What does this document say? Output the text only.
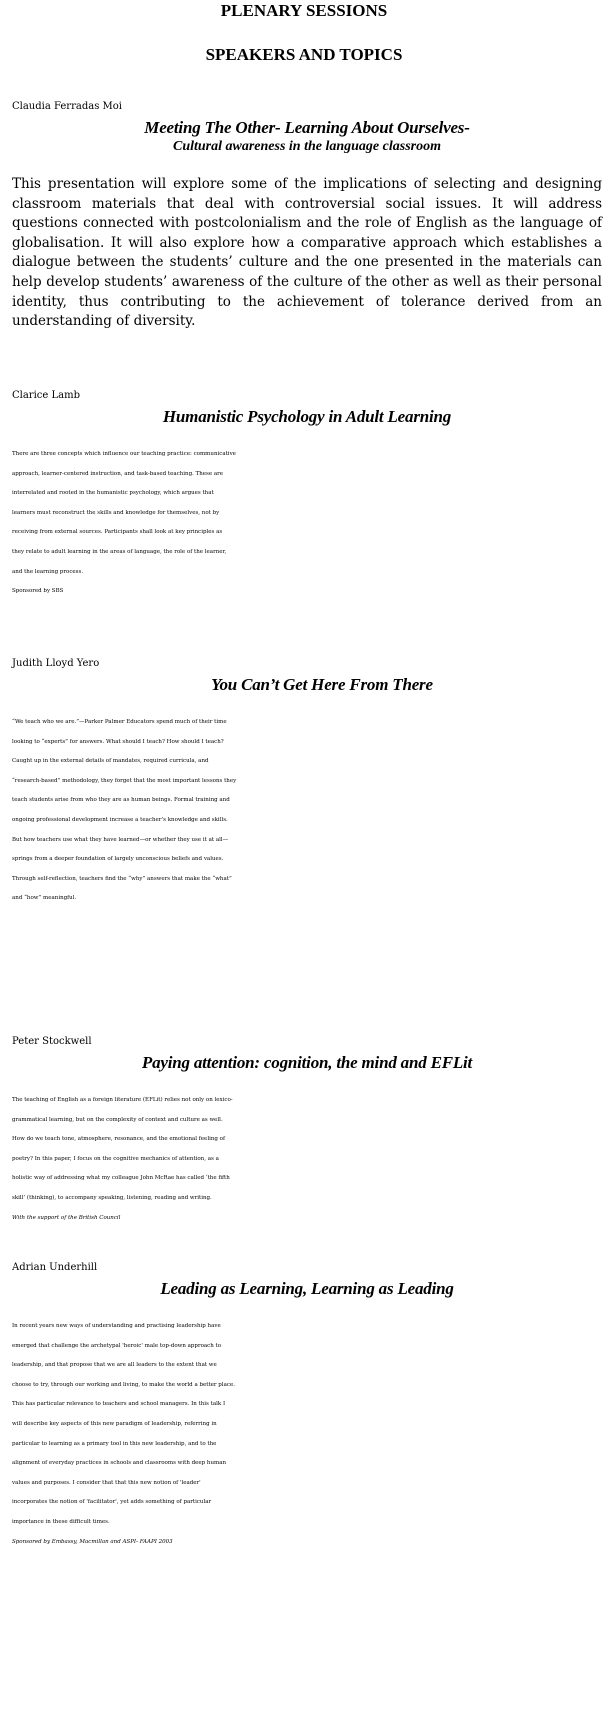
PLENARY SESSIONS
SPEAKERS AND TOPICS

Claudia Ferradas Moi

Meeting The Other- Learning About Ourselves-

Cultural awareness in the language classroom

This presentation will explore some of the implications of selecting and designing classroom materials that deal with controversial social issues. It will address questions connected with postcolonialism and the role of English as the language of globalisation. It will also explore how a comparative approach which establishes a dialogue between the students’ culture and the one presented in the materials can help develop students’ awareness of the culture of the other as well as their personal identity, thus contributing to the achievement of tolerance derived from an understanding of diversity.

Clarice Lamb

Humanistic Psychology in Adult Learning

There are three concepts which influence our teaching practice: communicative
approach, learner-centered instruction, and task-based teaching. These are
interrelated and rooted in the humanistic psychology, which argues that
learners must reconstruct the skills and knowledge for themselves, not by
receiving from external sources. Participants shall look at key principles as
they relate to adult learning in the areas of language, the role of the learner,
and the learning process.

Sponsored by SBS

Judith Lloyd Yero

You Can’t Get Here From There

“We teach who we are.”—Parker Palmer Educators spend much of their time
looking to “experts” for answers. What should I teach? How should I teach?
Caught up in the external details of mandates, required curricula, and
“research-based” methodology, they forget that the most important lessons they
teach students arise from who they are as human beings. Formal training and
ongoing professional development increase a teacher’s knowledge and skills.
But how teachers use what they have learned—or whether they use it at all—
springs from a deeper foundation of largely unconscious beliefs and values.
Through self-reflection, teachers find the “why” answers that make the “what”
and “how” meaningful.

Peter Stockwell

Paying attention: cognition, the mind and EFLit

The teaching of English as a foreign literature (EFLit) relies not only on lexico-
grammatical learning, but on the complexity of context and culture as well.
How do we teach tone, atmosphere, resonance, and the emotional feeling of
poetry? In this paper, I focus on the cognitive mechanics of attention, as a
holistic way of addressing what my colleague John McRae has called ‘the fifth
skill’ (thinking), to accompany speaking, listening, reading and writing.

With the support of the British Council

Adrian Underhill

Leading as Learning, Learning as Leading

In recent years new ways of understanding and practising leadership have
emerged that challenge the archetypal 'heroic' male top-down approach to
leadership, and that propose that we are all leaders to the extent that we
choose to try, through our working and living, to make the world a better place.
This has particular relevance to teachers and school managers. In this talk I
will describe key aspects of this new paradigm of leadership, referring in
particular to learning as a primary tool in this new leadership, and to the
alignment of everyday practices in schools and classrooms with deep human
values and purposes. I consider that that this new notion of 'leader'
incorporates the notion of 'facilitator', yet adds something of particular
importance in these difficult times.

Sponsored by Embassy, Macmillan and ASPI- FAAPI 2003
